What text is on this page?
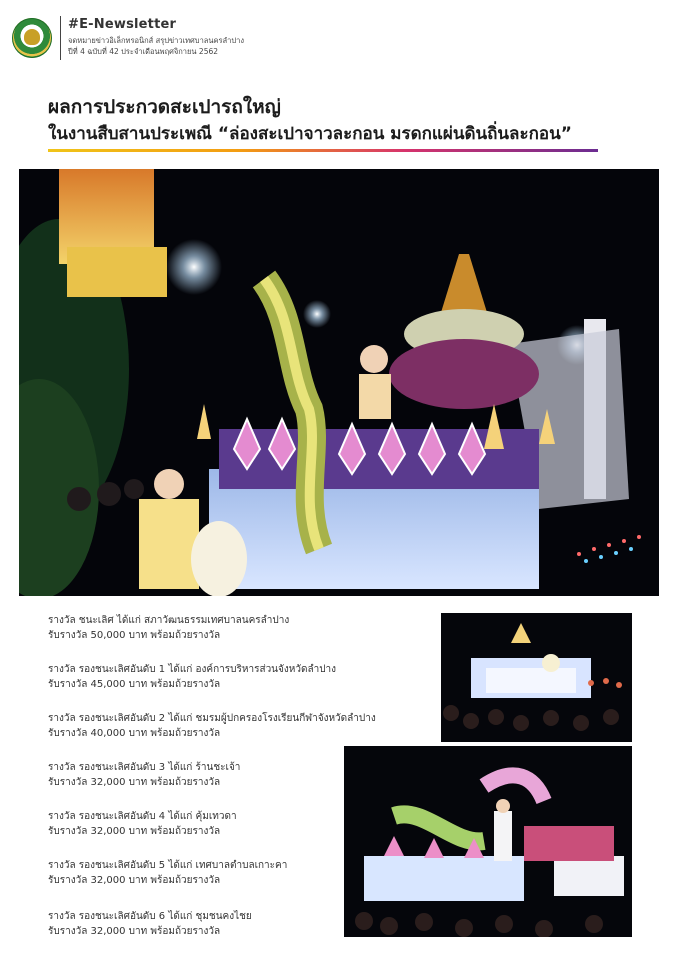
#E-Newsletter
จดหมายข่าวอิเล็กทรอนิกส์ สรุปข่าวเทศบาลนครลำปาง
ปีที่ 4 ฉบับที่ 42 ประจำเดือนพฤศจิกายน 2562
ผลการประกวดสะเปารถใหญ่
ในงานสืบสานประเพณี “ล่องสะเปาจาวละกอน มรดกแผ่นดินถิ่นละกอน”
รางวัล ชนะเลิศ ได้แก่ สภาวัฒนธรรมเทศบาลนครลำปาง
รับรางวัล 50,000 บาท พร้อมถ้วยรางวัล
รางวัล รองชนะเลิศอันดับ 1 ได้แก่ องค์การบริหารส่วนจังหวัดลำปาง
รับรางวัล 45,000 บาท พร้อมถ้วยรางวัล
รางวัล รองชนะเลิศอันดับ 2 ได้แก่ ชมรมผู้ปกครองโรงเรียนกีฬาจังหวัดลำปาง
รับรางวัล 40,000 บาท พร้อมถ้วยรางวัล
รางวัล รองชนะเลิศอันดับ 3 ได้แก่ ร้านชะเจ้า
รับรางวัล 32,000 บาท พร้อมถ้วยรางวัล
รางวัล รองชนะเลิศอันดับ 4 ได้แก่ คุ้มเทวดา
รับรางวัล 32,000 บาท พร้อมถ้วยรางวัล
รางวัล รองชนะเลิศอันดับ 5 ได้แก่ เทศบาลตำบลเกาะคา
รับรางวัล 32,000 บาท พร้อมถ้วยรางวัล
รางวัล รองชนะเลิศอันดับ 6 ได้แก่ ชุมชนคงไชย
รับรางวัล 32,000 บาท พร้อมถ้วยรางวัล
